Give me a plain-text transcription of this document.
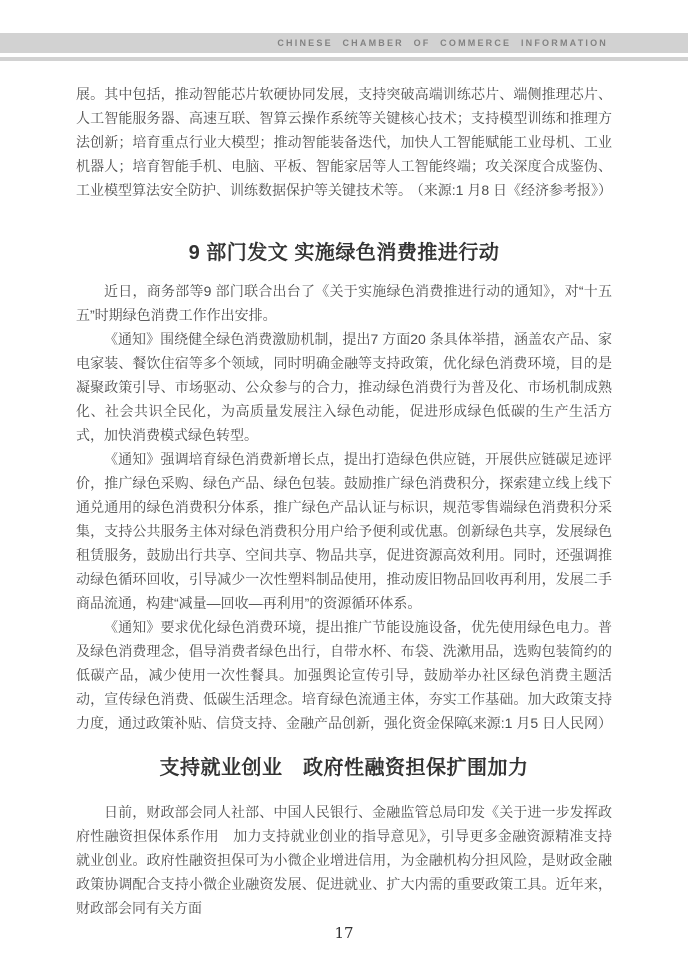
CHINESE CHAMBER OF COMMERCE INFORMATION

展。其中包括，推动智能芯片软硬协同发展，支持突破高端训练芯片、端侧推理芯片、人工智能服务器、高速互联、智算云操作系统等关键核心技术；支持模型训练和推理方法创新；培育重点行业大模型；推动智能装备迭代，加快人工智能赋能工业母机、工业机器人；培育智能手机、电脑、平板、智能家居等人工智能终端；攻关深度合成鉴伪、工业模型算法安全防护、训练数据保护等关键技术等。
（来源:1 月8 日《经济参考报》）

9 部门发文 实施绿色消费推进行动

近日，商务部等9 部门联合出台了《关于实施绿色消费推进行动的通知》，对“十五五”时期绿色消费工作作出安排。

《通知》围绕健全绿色消费激励机制，提出7 方面20 条具体举措，涵盖农产品、家电家装、餐饮住宿等多个领域，同时明确金融等支持政策，优化绿色消费环境，目的是凝聚政策引导、市场驱动、公众参与的合力，推动绿色消费行为普及化、市场机制成熟化、社会共识全民化，为高质量发展注入绿色动能，促进形成绿色低碳的生产生活方式，加快消费模式绿色转型。

《通知》强调培育绿色消费新增长点，提出打造绿色供应链，开展供应链碳足迹评价，推广绿色采购、绿色产品、绿色包装。鼓励推广绿色消费积分，探索建立线上线下通兑通用的绿色消费积分体系，推广绿色产品认证与标识，规范零售端绿色消费积分采集，支持公共服务主体对绿色消费积分用户给予便利或优惠。创新绿色共享，发展绿色租赁服务，鼓励出行共享、空间共享、物品共享，促进资源高效利用。同时，还强调推动绿色循环回收，引导减少一次性塑料制品使用，推动废旧物品回收再利用，发展二手商品流通，构建“减量—回收—再利用”的资源循环体系。

《通知》要求优化绿色消费环境，提出推广节能设施设备，优先使用绿色电力。普及绿色消费理念，倡导消费者绿色出行，自带水杯、布袋、洗漱用品，选购包装简约的低碳产品，减少使用一次性餐具。加强舆论宣传引导，鼓励举办社区绿色消费主题活动，宣传绿色消费、低碳生活理念。培育绿色流通主体，夯实工作基础。加大政策支持力度，通过政策补贴、信贷支持、金融产品创新，强化资金保障。
（来源:1 月5 日人民网）

支持就业创业　政府性融资担保扩围加力

日前，财政部会同人社部、中国人民银行、金融监管总局印发《关于进一步发挥政府性融资担保体系作用　加力支持就业创业的指导意见》，引导更多金融资源精准支持就业创业。政府性融资担保可为小微企业增进信用，为金融机构分担风险，是财政金融政策协调配合支持小微企业融资发展、促进就业、扩大内需的重要政策工具。近年来，财政部会同有关方面

17
